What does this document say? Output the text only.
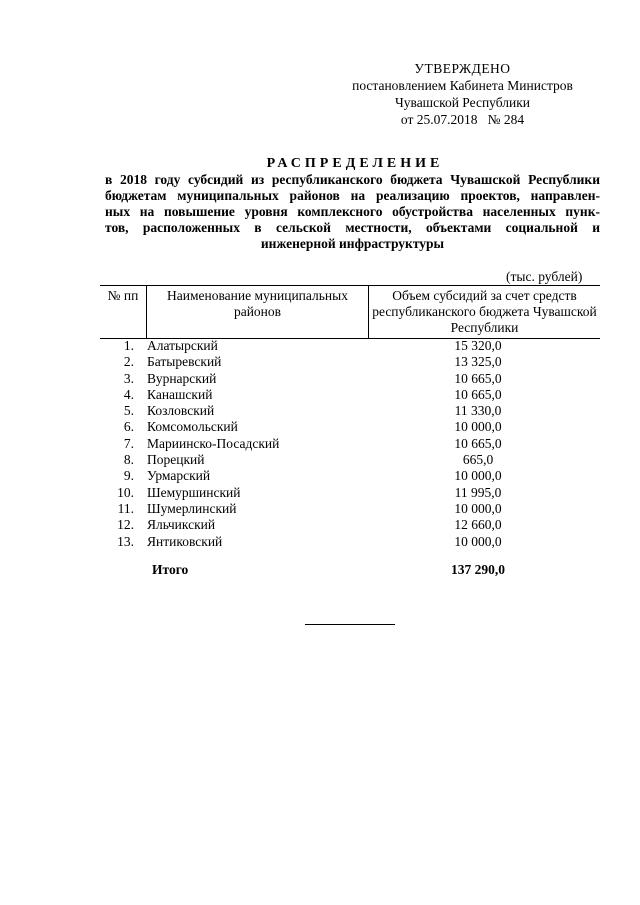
УТВЕРЖДЕНО
постановлением Кабинета Министров
Чувашской Республики
от 25.07.2018   № 284
РАСПРЕДЕЛЕНИЕ
в 2018 году субсидий из республиканского бюджета Чувашской Республики
бюджетам муниципальных районов на реализацию проектов, направлен-
ных на повышение уровня комплексного обустройства населенных пунк-
тов, расположенных в сельской местности, объектами социальной и
инженерной инфраструктуры
(тыс. рублей)
№ пп	Наименование муниципальных районов	Объем субсидий за счет средств республиканского бюджета Чувашской Республики
1. Алатырский	15 320,0
2. Батыревский	13 325,0
3. Вурнарский	10 665,0
4. Канашский	10 665,0
5. Козловский	11 330,0
6. Комсомольский	10 000,0
7. Мариинско-Посадский	10 665,0
8. Порецкий	665,0
9. Урмарский	10 000,0
10. Шемуршинский	11 995,0
11. Шумерлинский	10 000,0
12. Яльчикский	12 660,0
13. Янтиковский	10 000,0
Итого	137 290,0
